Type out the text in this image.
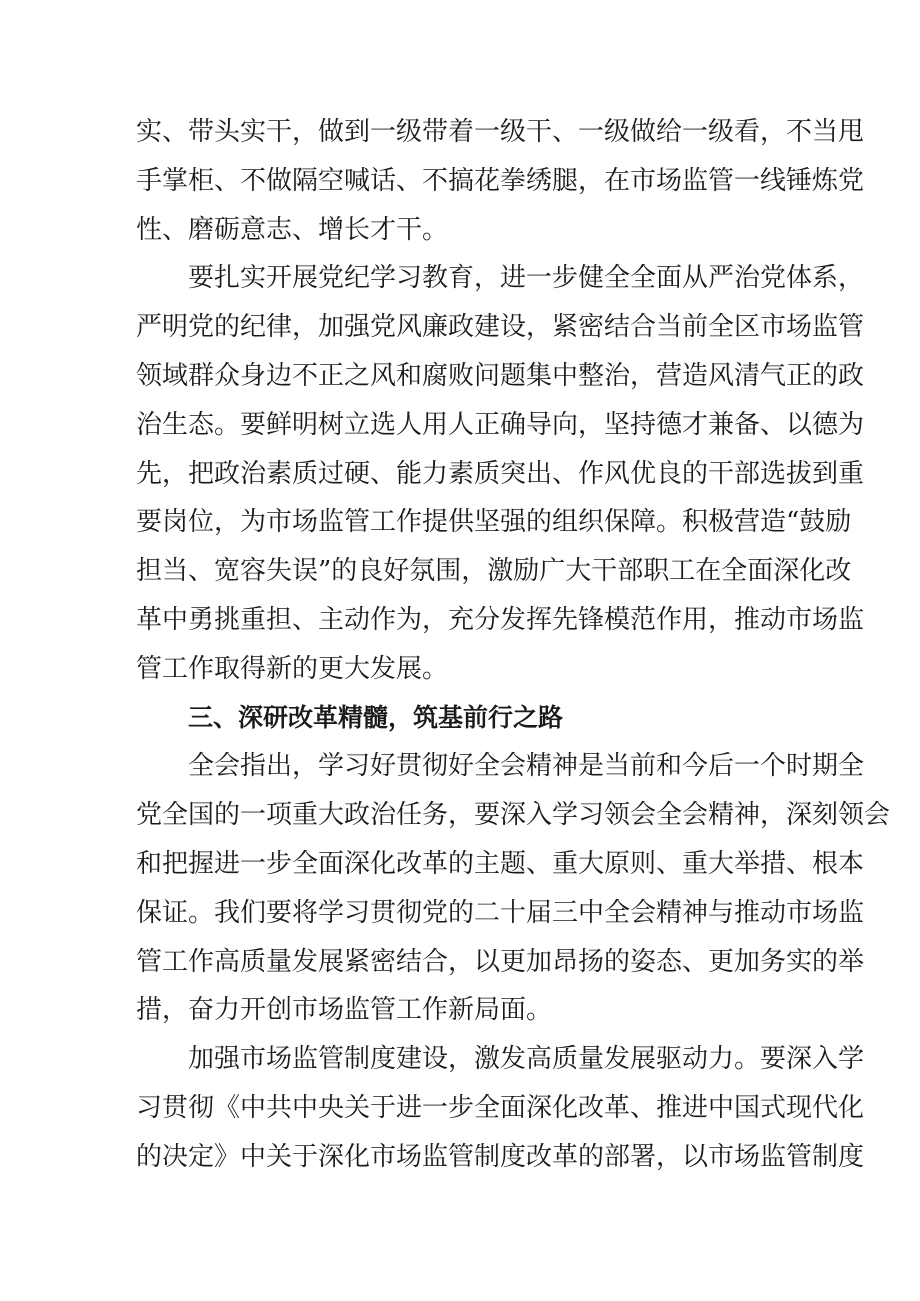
实、带头实干，做到一级带着一级干、一级做给一级看，不当甩
手掌柜、不做隔空喊话、不搞花拳绣腿，在市场监管一线锤炼党
性、磨砺意志、增长才干。
要扎实开展党纪学习教育，进一步健全全面从严治党体系，
严明党的纪律，加强党风廉政建设，紧密结合当前全区市场监管
领域群众身边不正之风和腐败问题集中整治，营造风清气正的政
治生态。要鲜明树立选人用人正确导向，坚持德才兼备、以德为
先，把政治素质过硬、能力素质突出、作风优良的干部选拔到重
要岗位，为市场监管工作提供坚强的组织保障。积极营造“鼓励
担当、宽容失误”的良好氛围，激励广大干部职工在全面深化改
革中勇挑重担、主动作为，充分发挥先锋模范作用，推动市场监
管工作取得新的更大发展。
三、深研改革精髓，筑基前行之路
全会指出，学习好贯彻好全会精神是当前和今后一个时期全
党全国的一项重大政治任务，要深入学习领会全会精神，深刻领会
和把握进一步全面深化改革的主题、重大原则、重大举措、根本
保证。我们要将学习贯彻党的二十届三中全会精神与推动市场监
管工作高质量发展紧密结合，以更加昂扬的姿态、更加务实的举
措，奋力开创市场监管工作新局面。
加强市场监管制度建设，激发高质量发展驱动力。要深入学
习贯彻《中共中央关于进一步全面深化改革、推进中国式现代化
的决定》中关于深化市场监管制度改革的部署，以市场监管制度
